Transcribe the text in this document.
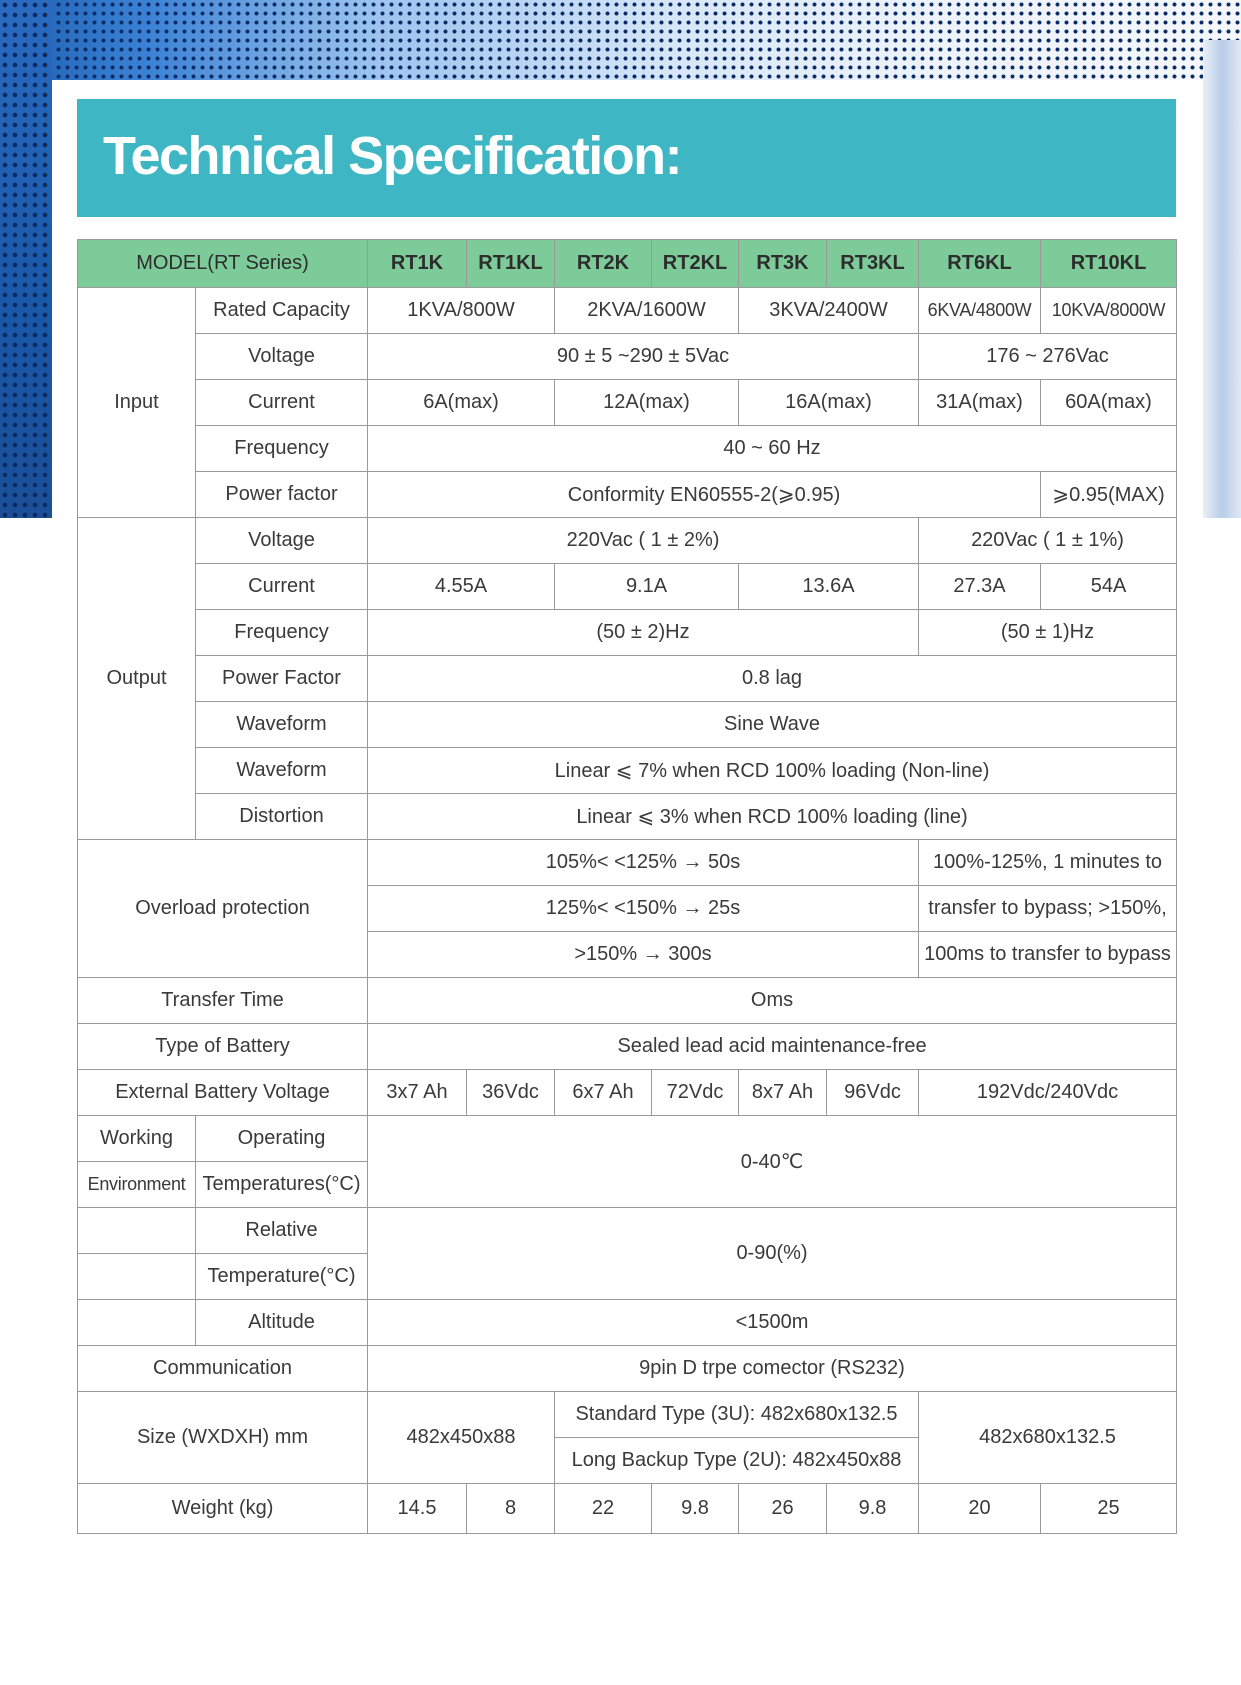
Technical Specification:
MODEL(RT Series)		RT1K	RT1KL	RT2K	RT2KL	RT3K	RT3KL	RT6KL	RT10KL
Input	Rated Capacity	1KVA/800W		2KVA/1600W		3KVA/2400W		6KVA/4800W	10KVA/8000W
	Voltage	90 ± 5 ~290 ± 5Vac						176 ~ 276Vac	
	Current	6A(max)		12A(max)		16A(max)		31A(max)	60A(max)
	Frequency	40 ~ 60 Hz							
	Power factor	Conformity EN60555-2(⩾0.95)							⩾0.95(MAX)
Output	Voltage	220Vac ( 1 ± 2%)						220Vac ( 1 ± 1%)	
	Current	4.55A		9.1A		13.6A		27.3A	54A
	Frequency	(50 ± 2)Hz						(50 ± 1)Hz	
	Power Factor	0.8 lag							
	Waveform	Sine Wave							
	Waveform	Linear ⩽ 7% when RCD 100% loading (Non-line)							
	Distortion	Linear ⩽ 3% when RCD 100% loading (line)							
Overload protection		105%< <125% → 50s						100%-125%, 1 minutes to	
		125%< <150% → 25s						transfer to bypass; >150%,	
		>150% → 300s						100ms to transfer to bypass	
Transfer Time		Oms							
Type of Battery		Sealed lead acid maintenance-free							
External Battery Voltage		3x7 Ah	36Vdc	6x7 Ah	72Vdc	8x7 Ah	96Vdc	192Vdc/240Vdc	
Working	Operating	0-40℃							
Environment	Temperatures(°C)								
	Relative	0-90(%)							
	Temperature(°C)								
	Altitude	<1500m							
Communication		9pin D trpe comector (RS232)							
Size (WXDXH) mm		482x450x88		Standard Type (3U): 482x680x132.5				482x680x132.5	
				Long Backup Type (2U): 482x450x88					
Weight (kg)		14.5	8	22	9.8	26	9.8	20	25
